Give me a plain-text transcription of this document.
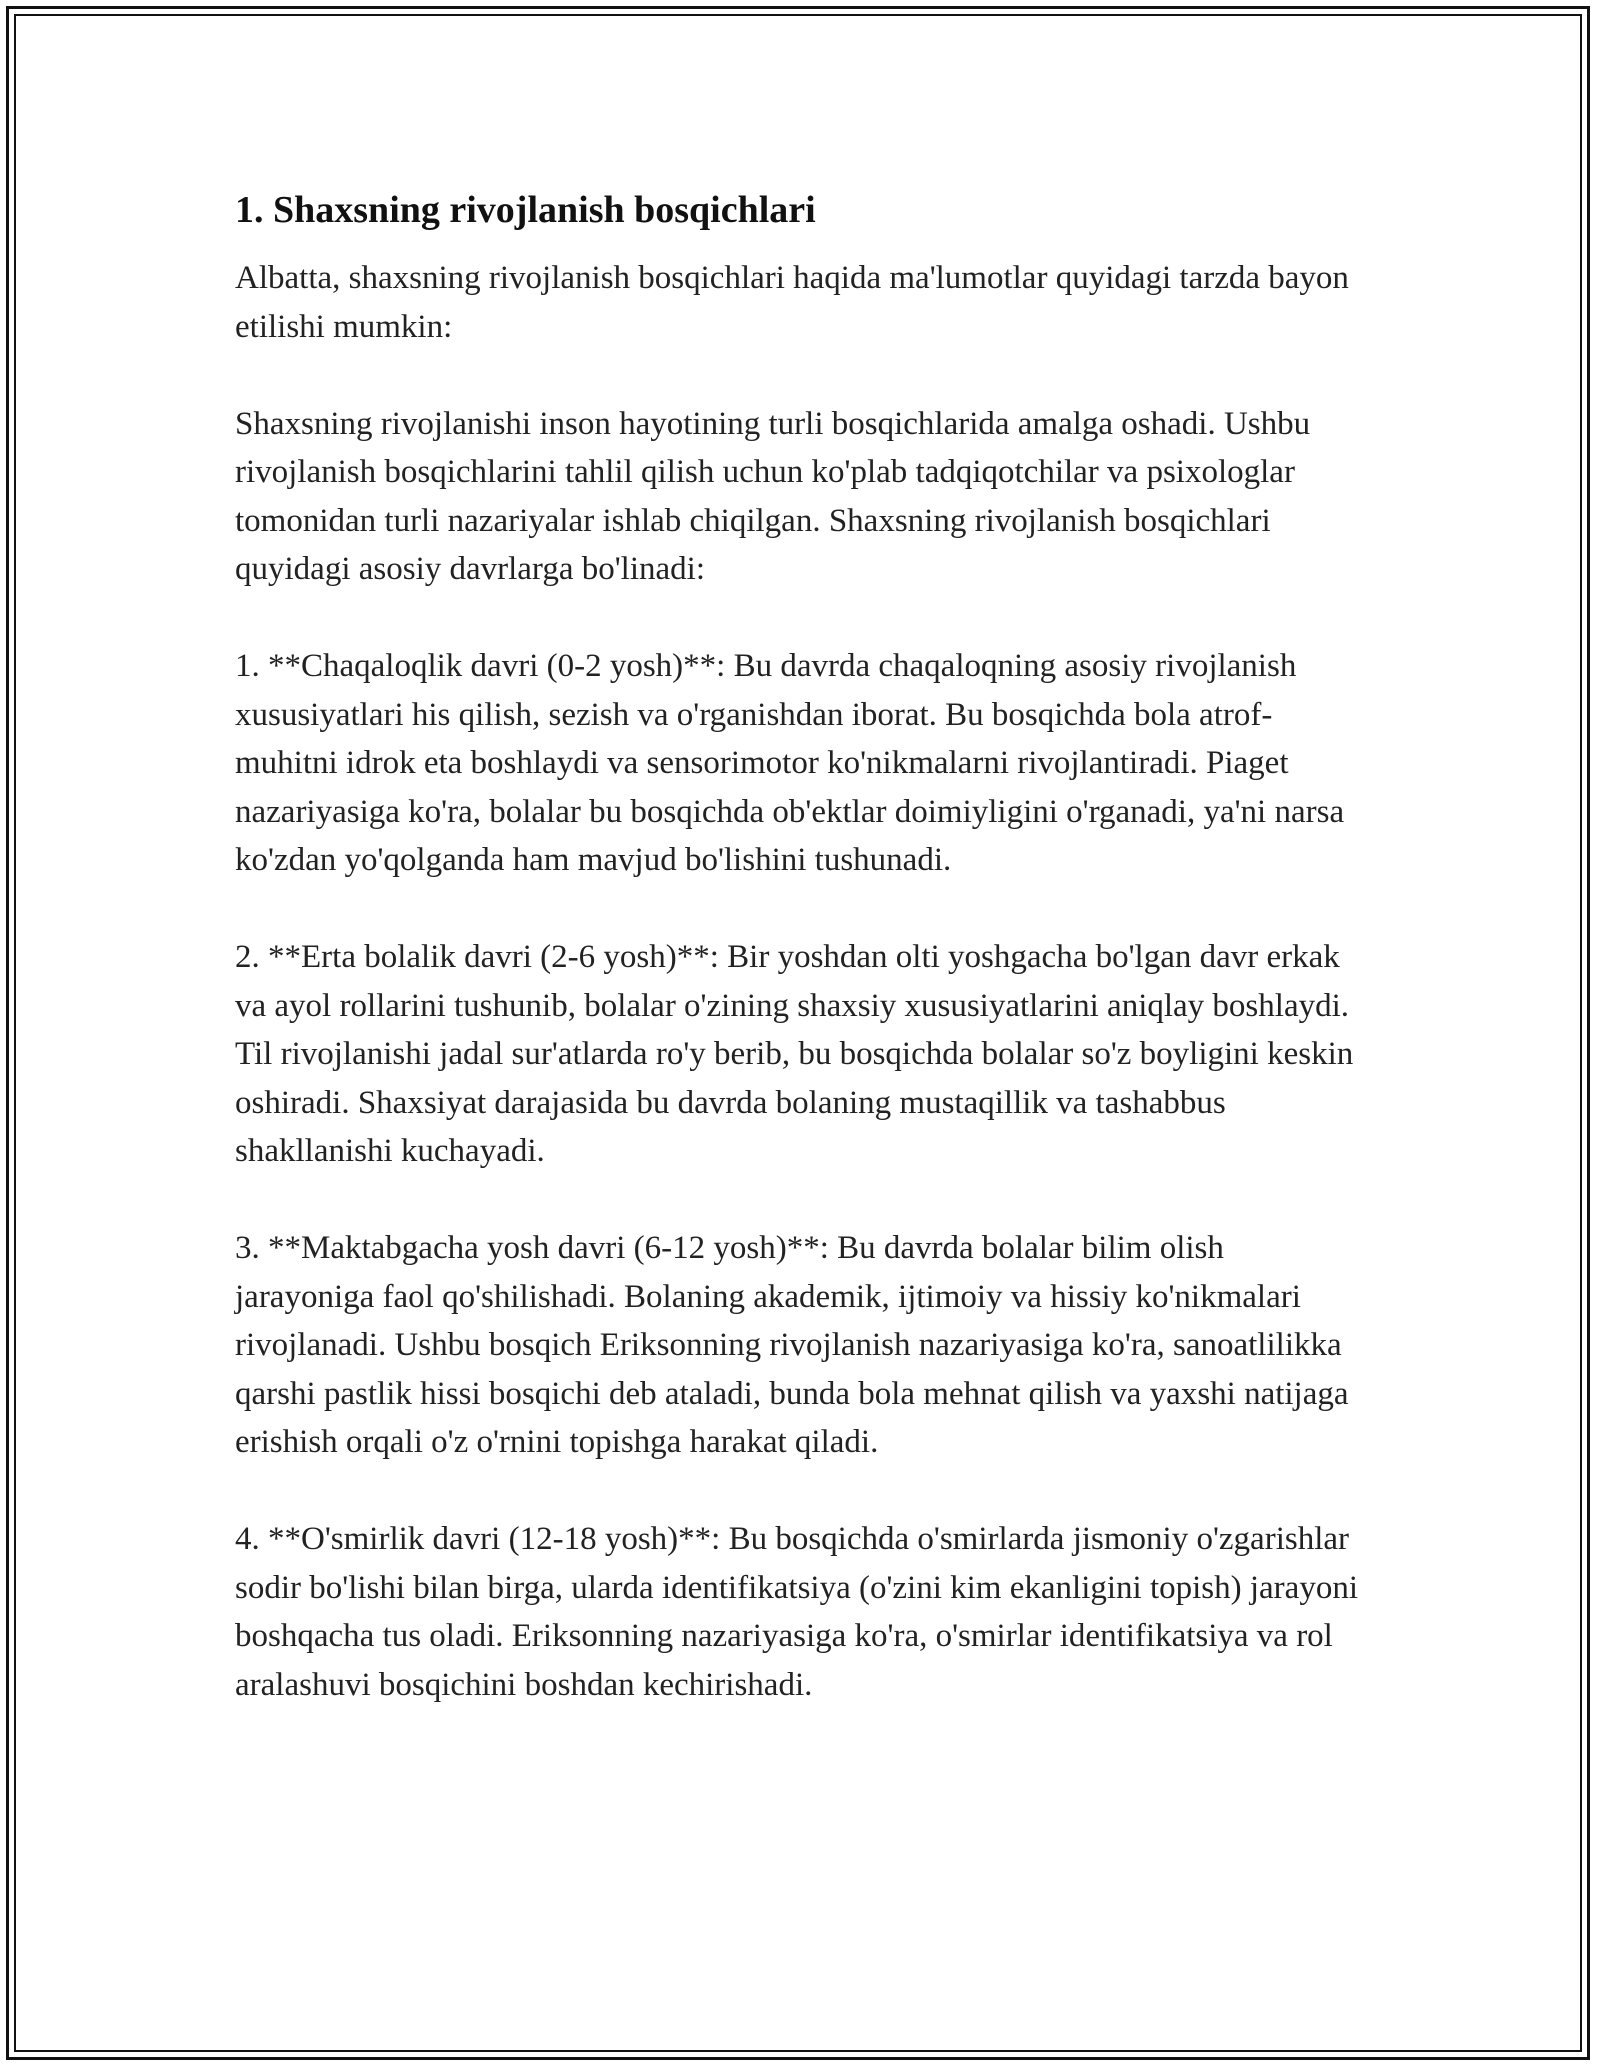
1. Shaxsning rivojlanish bosqichlari

Albatta, shaxsning rivojlanish bosqichlari haqida ma'lumotlar quyidagi tarzda bayon etilishi mumkin:

Shaxsning rivojlanishi inson hayotining turli bosqichlarida amalga oshadi. Ushbu rivojlanish bosqichlarini tahlil qilish uchun ko'plab tadqiqotchilar va psixologlar tomonidan turli nazariyalar ishlab chiqilgan. Shaxsning rivojlanish bosqichlari quyidagi asosiy davrlarga bo'linadi:

1. **Chaqaloqlik davri (0-2 yosh)**: Bu davrda chaqaloqning asosiy rivojlanish xususiyatlari his qilish, sezish va o'rganishdan iborat. Bu bosqichda bola atrof-muhitni idrok eta boshlaydi va sensorimotor ko'nikmalarni rivojlantiradi. Piaget nazariyasiga ko'ra, bolalar bu bosqichda ob'ektlar doimiyligini o'rganadi, ya'ni narsa ko'zdan yo'qolganda ham mavjud bo'lishini tushunadi.

2. **Erta bolalik davri (2-6 yosh)**: Bir yoshdan olti yoshgacha bo'lgan davr erkak va ayol rollarini tushunib, bolalar o'zining shaxsiy xususiyatlarini aniqlay boshlaydi. Til rivojlanishi jadal sur'atlarda ro'y berib, bu bosqichda bolalar so'z boyligini keskin oshiradi. Shaxsiyat darajasida bu davrda bolaning mustaqillik va tashabbus shakllanishi kuchayadi.

3. **Maktabgacha yosh davri (6-12 yosh)**: Bu davrda bolalar bilim olish jarayoniga faol qo'shilishadi. Bolaning akademik, ijtimoiy va hissiy ko'nikmalari rivojlanadi. Ushbu bosqich Eriksonning rivojlanish nazariyasiga ko'ra, sanoatlilikka qarshi pastlik hissi bosqichi deb ataladi, bunda bola mehnat qilish va yaxshi natijaga erishish orqali o'z o'rnini topishga harakat qiladi.

4. **O'smirlik davri (12-18 yosh)**: Bu bosqichda o'smirlarda jismoniy o'zgarishlar sodir bo'lishi bilan birga, ularda identifikatsiya (o'zini kim ekanligini topish) jarayoni boshqacha tus oladi. Eriksonning nazariyasiga ko'ra, o'smirlar identifikatsiya va rol aralashuvi bosqichini boshdan kechirishadi.
